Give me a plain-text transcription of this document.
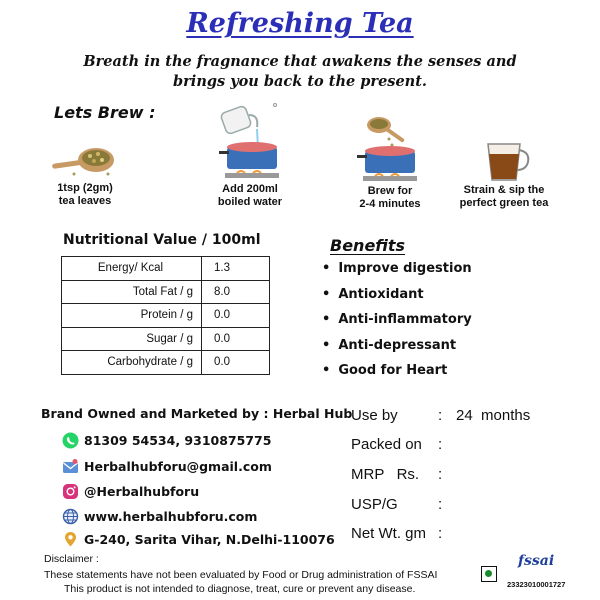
Refreshing Tea
Breath in the fragnance that awakens the senses and
brings you back to the present.
Lets Brew :
1tsp (2gm)
tea leaves
Add 200ml
boiled water
Brew for
2-4 minutes
Strain & sip the
perfect green tea
Nutritional Value / 100ml
Energy/ Kcal	1.3
Total Fat / g	8.0
Protein / g	0.0
Sugar / g	0.0
Carbohydrate / g	0.0
Benefits
• Improve digestion
• Antioxidant
• Anti-inflammatory
• Anti-depressant
• Good for Heart
Brand Owned and Marketed by : Herbal Hub
81309 54534, 9310875775
Herbalhubforu@gmail.com
@Herbalhubforu
www.herbalhubforu.com
G-240, Sarita Vihar, N.Delhi-110076
Use by	: 24  months
Packed on :
MRP   Rs. :
USP/G	:
Net Wt. gm :
Disclaimer :
These statements have not been evaluated by Food or Drug administration of FSSAI
This product is not intended to diagnose, treat, cure or prevent any disease.
fssai
23323010001727
